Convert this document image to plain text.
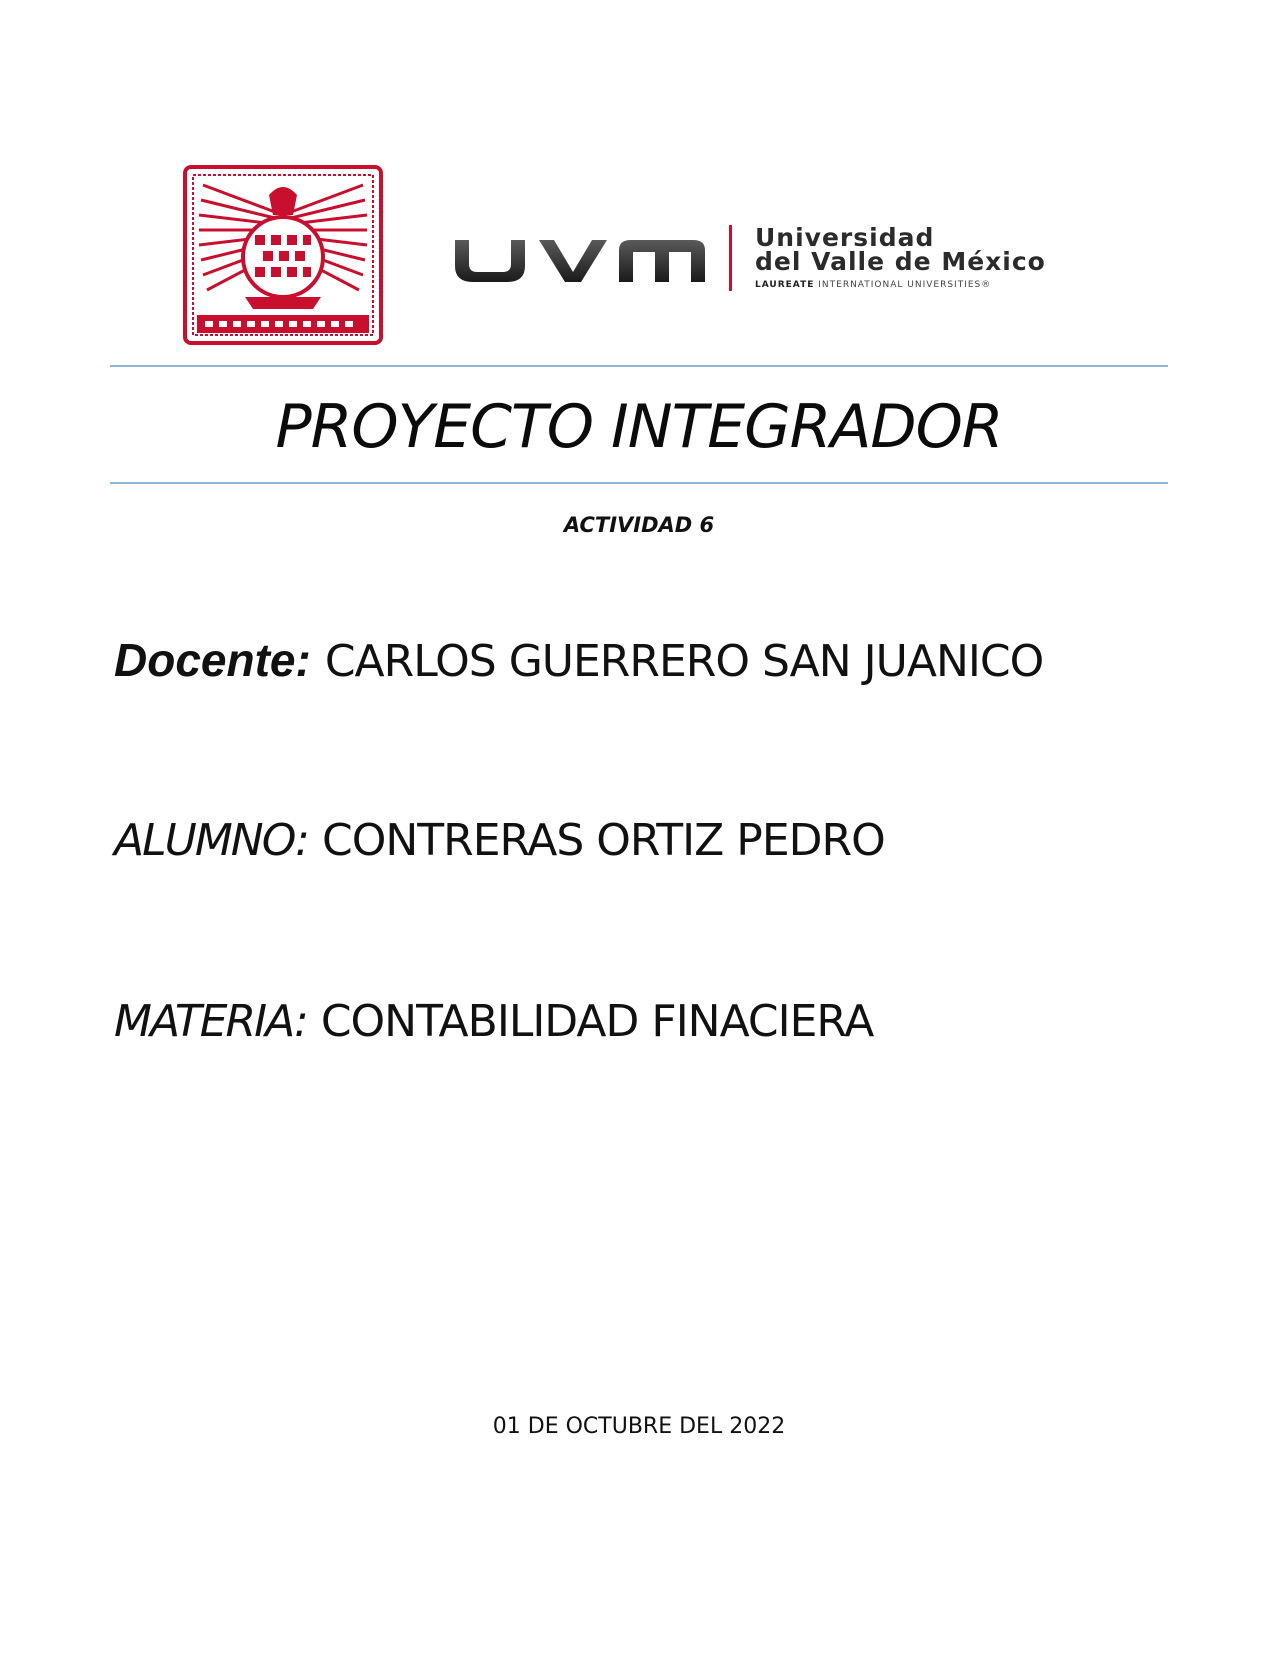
Universidad
del Valle de México
LAUREATE INTERNATIONAL UNIVERSITIES®
PROYECTO INTEGRADOR
ACTIVIDAD 6
Docente: CARLOS GUERRERO SAN JUANICO
ALUMNO: CONTRERAS ORTIZ PEDRO
MATERIA: CONTABILIDAD FINACIERA
01 DE OCTUBRE DEL 2022
